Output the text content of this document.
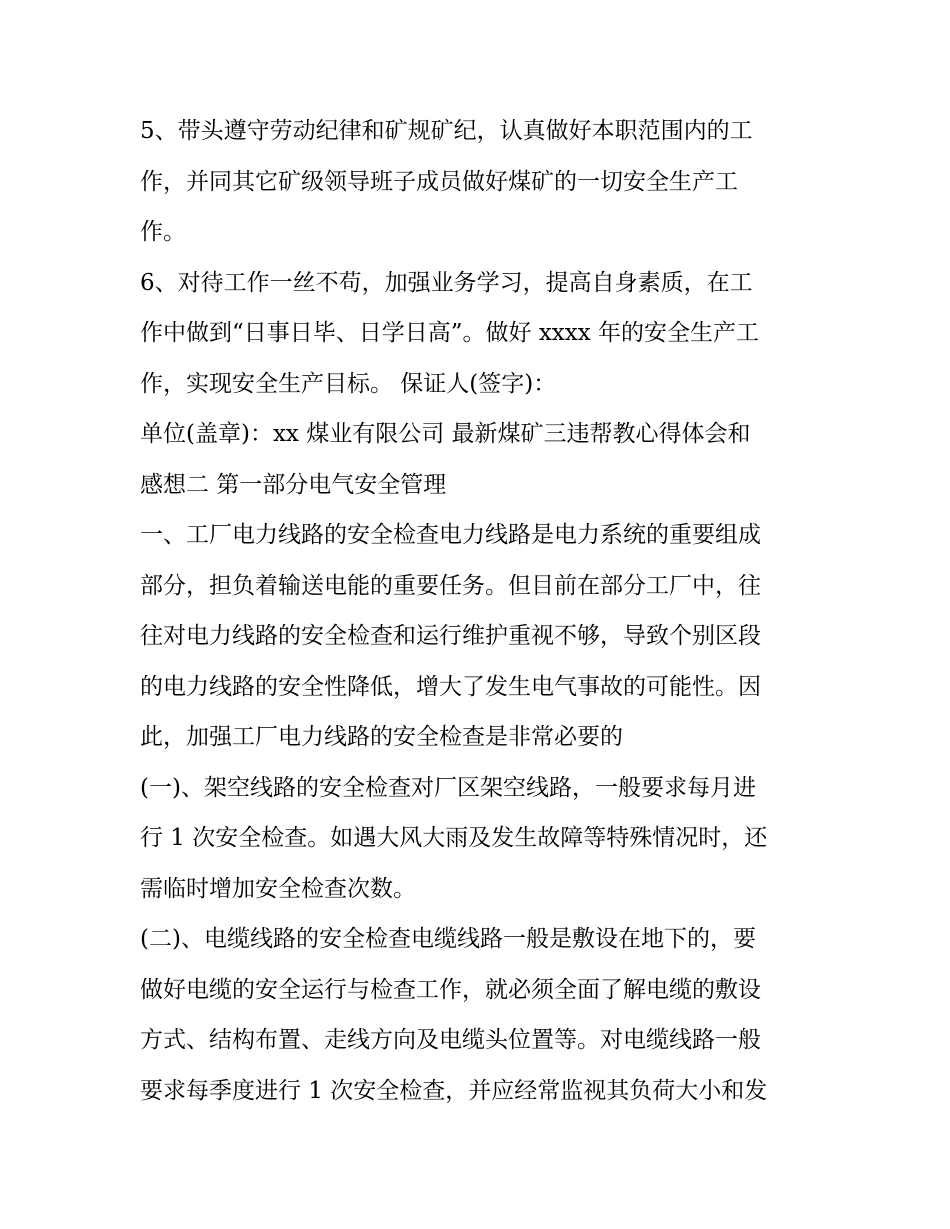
5、带头遵守劳动纪律和矿规矿纪，认真做好本职范围内的工
作，并同其它矿级领导班子成员做好煤矿的一切安全生产工
作。
6、对待工作一丝不苟，加强业务学习，提高自身素质，在工
作中做到“日事日毕、日学日高”。做好 xxxx 年的安全生产工
作，实现安全生产目标。 保证人(签字)：
单位(盖章)：xx 煤业有限公司 最新煤矿三违帮教心得体会和
感想二 第一部分电气安全管理
一、工厂电力线路的安全检查电力线路是电力系统的重要组成
部分，担负着输送电能的重要任务。但目前在部分工厂中，往
往对电力线路的安全检查和运行维护重视不够，导致个别区段
的电力线路的安全性降低，增大了发生电气事故的可能性。因
此，加强工厂电力线路的安全检查是非常必要的
(一)、架空线路的安全检查对厂区架空线路，一般要求每月进
行 1 次安全检查。如遇大风大雨及发生故障等特殊情况时，还
需临时增加安全检查次数。
(二)、电缆线路的安全检查电缆线路一般是敷设在地下的，要
做好电缆的安全运行与检查工作，就必须全面了解电缆的敷设
方式、结构布置、走线方向及电缆头位置等。对电缆线路一般
要求每季度进行 1 次安全检查，并应经常监视其负荷大小和发
